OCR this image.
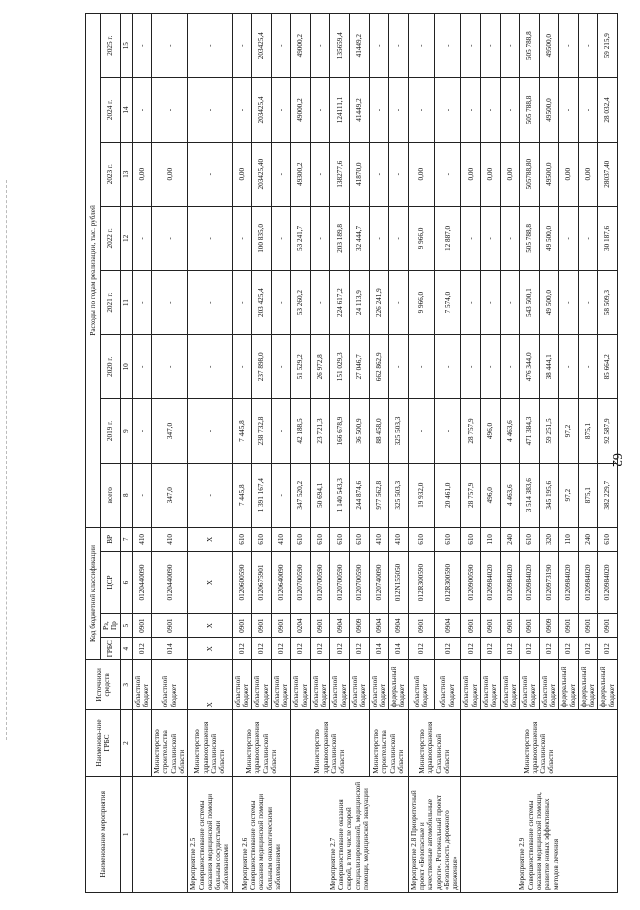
62
Наименование мероприятия	Наименова-ние ГРБС	Источники средств	Код бюджетной классификации				Расходы по годам реализации, тыс. рублей							
			ГРБС	Рз, Пр	ЦСР	ВР	всего	2019 г.	2020 г.	2021 г.	2022 г.	2023 г.	2024 г.	2025 г.
1	2	3	4	5	6	7	8	9	10	11	12	13	14	15
		областной бюджет	012	0901	0120440090	410	-	-	-	-	-	0,00	-	-
	Министерство строительства Сахалинской области	областной бюджет	014	0901	0120440090	410	347,0	347,0	-	-	-	0,00	-	-
Мероприятие 2.5 Совершенствование системы оказания медицинской помощи больным сосудистыми заболеваниями	Министерство здравоохранения Сахалинской области	X	X	X	X	X	-	-	-	-	-	-	-	-
Мероприятие 2.6 Совершенствование системы оказания медицинской помощи больным онкологическими заболеваниями	Министерство здравоохранения Сахалинской области	областной бюджет	012	0901	0120600590	610	7 445,8	7 445,8	-	-	-	0,00	-	-
		областной бюджет	012	0901	0120675901	610	1 391 167,4	238 732,8	237 898,0	203 425,4	100 835,0	203425,40	203425,4	203425,4
		областной бюджет	012	0901	0120640090	410	-	-	-	-	-	-	-	-
Мероприятие 2.7 Совершенствование оказания скорой, в том числе скорой специализированной, медицинской помощи, медицинской эвакуации	Министерство здравоохранения Сахалинской области	областной бюджет	012	0204	0120700590	610	347 520,2	42 188,5	51 529,2	53 260,2	53 241,7	49300,2	49000,2	49000,2
		областной бюджет	012	0901	0120700590	610	50 694,1	23 721,3	26 972,8	-	-	-	-	-
		областной бюджет	012	0904	0120700590	610	1 140 543,3	166 678,9	151 029,3	224 617,2	203 189,8	138277,6	124111,1	135659,4
		областной бюджет	012	0909	0120700590	610	244 874,6	36 500,9	27 046,7	24 113,9	32 444,7	41870,0	41449,2	41449,2
	Министерство строительства Сахалинской области	областной бюджет	014	0904	0120740090	410	977 562,8	88 458,0	662 862,9	226 241,9	-	-	-	-
		федеральный бюджет	014	0904	012N155050	410	325 503,3	325 503,3	-	-	-	-	-	-
Мероприятие 2.8 Приоритетный проект «Безопасные и качественные автомобильные дороги». Региональный проект «Безопасность дорожного движения»	Министерство здравоохранения Сахалинской области	областной бюджет	012	0901	012R300590	610	19 932,0	-	-	9 966,0	9 966,0	0,00	-	-
		областной бюджет	012	0904	012R300590	610	20 461,0	-	-	7 574,0	12 887,0	-	-	-
Мероприятие 2.9 Совершенствование системы оказания медицинской помощи, развитие новых эффективных методов лечения	Министерство здравоохранения Сахалинской области	областной бюджет	012	0901	0120900590	610	28 757,9	28 757,9	-	-	-	0,00	-	-
		областной бюджет	012	0901	0120984020	110	496,0	496,0	-	-	-	0,00	-	-
		областной бюджет	012	0901	0120984020	240	4 463,6	4 463,6	-	-	-	0,00	-	-
		областной бюджет	012	0901	0120984020	610	3 514 383,6	471 384,3	476 344,0	543 500,1	505 788,8	505788,80	505 788,8	505 788,8
		областной бюджет	012	0909	0120973190	320	345 195,6	59 251,5	38 444,1	49 500,0	49 500,0	49500,0	49500,0	49500,0
		федеральный бюджет	012	0901	0120984020	110	97,2	97,2	-	-	-	0,00	-	-
		федеральный бюджет	012	0901	0120984020	240	875,1	875,1	-	-	-	0,00	-	-
		федеральный бюджет	012	0901	0120984020	610	382 229,7	92 587,9	85 664,2	58 509,3	30 187,6	28037,40	28 032,4	59 215,9
